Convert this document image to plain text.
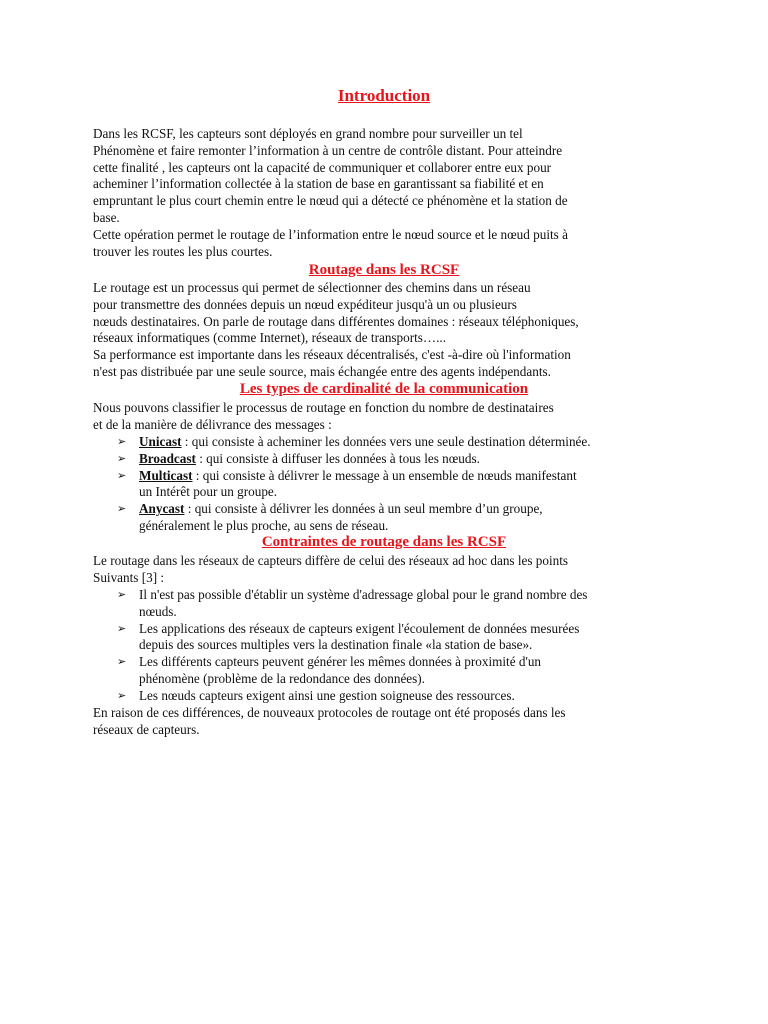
Introduction

Dans les RCSF, les capteurs sont déployés en grand nombre pour surveiller un tel
Phénomène et faire remonter l’information à un centre de contrôle distant. Pour atteindre
cette finalité , les capteurs ont la capacité de communiquer et collaborer entre eux pour
acheminer l’information collectée à la station de base en garantissant sa fiabilité et en
empruntant le plus court chemin entre le nœud qui a détecté ce phénomène et la station de
base.
Cette opération permet le routage de l’information entre le nœud source et le nœud puits à
trouver les routes les plus courtes.

Routage dans les RCSF

Le routage est un processus qui permet de sélectionner des chemins dans un réseau
pour transmettre des données depuis un nœud expéditeur jusqu'à un ou plusieurs
nœuds destinataires. On parle de routage dans différentes domaines : réseaux téléphoniques,
réseaux informatiques (comme Internet), réseaux de transports…...
Sa performance est importante dans les réseaux décentralisés, c'est -à-dire où l'information
n'est pas distribuée par une seule source, mais échangée entre des agents indépendants.

Les types de cardinalité de la communication

Nous pouvons classifier le processus de routage en fonction du nombre de destinataires
et de la manière de délivrance des messages :

➢ Unicast : qui consiste à acheminer les données vers une seule destination déterminée.
➢ Broadcast : qui consiste à diffuser les données à tous les nœuds.
➢ Multicast : qui consiste à délivrer le message à un ensemble de nœuds manifestant
un Intérêt pour un groupe.
➢ Anycast : qui consiste à délivrer les données à un seul membre d’un groupe,
généralement le plus proche, au sens de réseau.
Contraintes de routage dans les RCSF

Le routage dans les réseaux de capteurs diffère de celui des réseaux ad hoc dans les points
Suivants [3] :

➢ Il n'est pas possible d'établir un système d'adressage global pour le grand nombre des
nœuds.
➢ Les applications des réseaux de capteurs exigent l'écoulement de données mesurées
depuis des sources multiples vers la destination finale «la station de base».
➢ Les différents capteurs peuvent générer les mêmes données à proximité d'un
phénomène (problème de la redondance des données).
➢ Les nœuds capteurs exigent ainsi une gestion soigneuse des ressources.

En raison de ces différences, de nouveaux protocoles de routage ont été proposés dans les
réseaux de capteurs.
